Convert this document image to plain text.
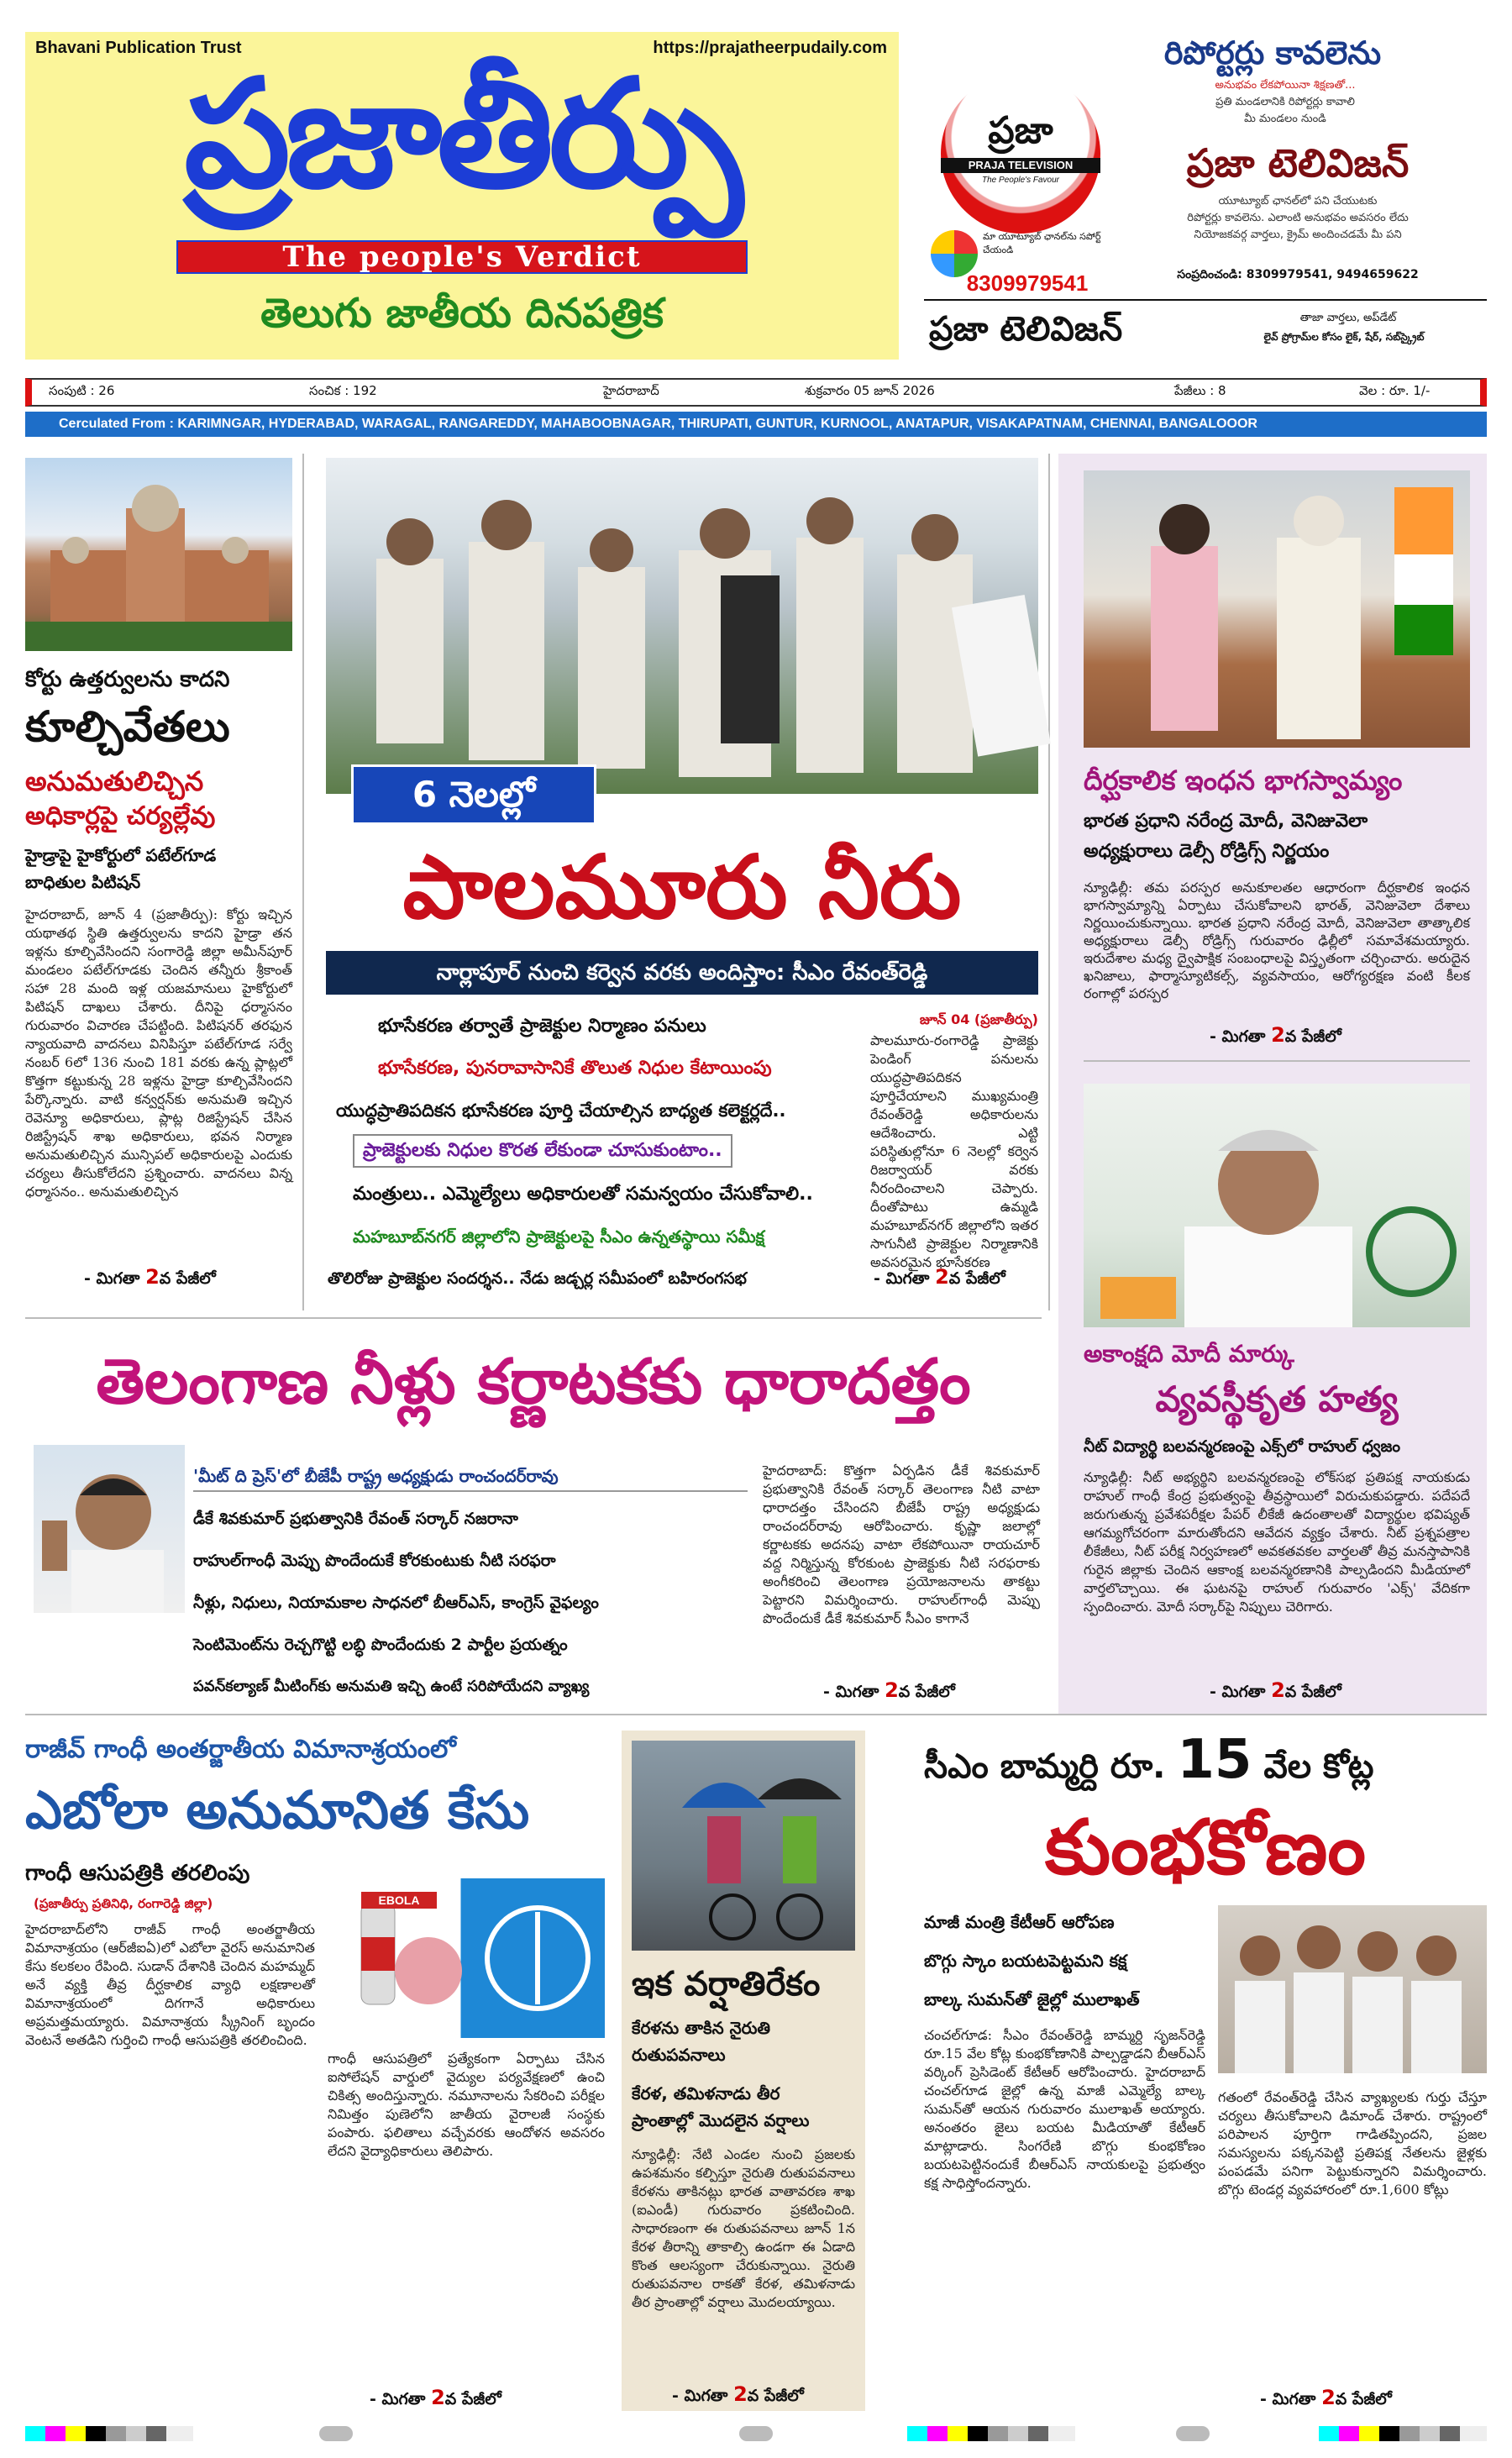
Bhavani Publication Trust	https://prajatheerpudaily.com
ప్రజాతీర్పు
The people's Verdict
తెలుగు జాతీయ దినపత్రిక
రిపోర్టర్లు కావలెను
అనుభవం లేకపోయినా శిక్షణతో...
ప్రతి మండలానికి రిపోర్టర్లు కావాలి
మీ మండలం నుండి
ప్రజా
PRAJA TELEVISION
The People's Favour	ప్రజా టెలివిజన్
యూట్యూబ్ ఛానల్‌లో పని చేయుటకు
రిపోర్టర్లు కావలెను. ఎలాంటి అనుభవం అవసరం లేదు
నియోజకవర్గ వార్తలు, క్రైమ్ అందించడమే మీ పని
మా యూట్యూబ్ ఛానల్‌ను సపోర్ట్ చేయండి
8309979541	సంప్రదించండి: 8309979541, 9494659622
ప్రజా టెలివిజన్	తాజా వార్తలు, అప్‌డేట్
లైవ్ ప్రోగ్రామ్‌ల కోసం లైక్, షేర్, సబ్‌స్క్రైబ్
సంపుటి : 26	సంచిక : 192	హైదరాబాద్	శుక్రవారం 05 జూన్ 2026	పేజీలు : 8	వెల : రూ. 1/-
Cerculated From : KARIMNGAR, HYDERABAD, WARAGAL, RANGAREDDY, MAHABOOBNAGAR, THIRUPATI, GUNTUR, KURNOOL, ANATAPUR, VISAKAPATNAM, CHENNAI, BANGALOOOR
కోర్టు ఉత్తర్వులను కాదని
కూల్చివేతలు
అనుమతులిచ్చిన
అధికార్లపై చర్యల్లేవు
హైడ్రాపై హైకోర్టులో పటేల్‌గూడ
బాధితుల పిటిషన్
హైదరాబాద్, జూన్ 4 (ప్రజాతీర్పు): కోర్టు ఇచ్చిన యథాతథ స్థితి ఉత్తర్వులను కాదని హైడ్రా తన ఇళ్లను కూల్చివేసిందని సంగారెడ్డి జిల్లా అమీన్‌పూర్ మండలం పటేల్‌గూడకు చెందిన తన్నీరు శ్రీకాంత్ సహా 28 మంది ఇళ్ల యజమానులు హైకోర్టులో పిటిషన్ దాఖలు చేశారు. దీనిపై ధర్మాసనం గురువారం విచారణ చేపట్టింది. పిటిషనర్ తరఫున న్యాయవాది వాదనలు వినిపిస్తూ పటేల్‌గూడ సర్వే నంబర్ 6లో 136 నుంచి 181 వరకు ఉన్న ప్లాట్లలో కొత్తగా కట్టుకున్న 28 ఇళ్లను హైడ్రా కూల్చివేసిందని పేర్కొన్నారు. వాటి కన్వర్షన్‌కు అనుమతి ఇచ్చిన రెవెన్యూ అధికారులు, ప్లాట్ల రిజిస్ట్రేషన్ చేసిన రిజిస్ట్రేషన్ శాఖ అధికారులు, భవన నిర్మాణ అనుమతులిచ్చిన మున్సిపల్ అధికారులపై ఎందుకు చర్యలు తీసుకోలేదని ప్రశ్నించారు. వాదనలు విన్న ధర్మాసనం.. అనుమతులిచ్చిన
- మిగతా 2వ పేజీలో
6 నెలల్లో
పాలమూరు నీరు
నార్లాపూర్ నుంచి కర్వెన వరకు అందిస్తాం: సీఎం రేవంత్‌రెడ్డి
భూసేకరణ తర్వాతే ప్రాజెక్టుల నిర్మాణం పనులు
భూసేకరణ, పునరావాసానికే తొలుత నిధుల కేటాయింపు
యుద్ధప్రాతిపదికన భూసేకరణ పూర్తి చేయాల్సిన బాధ్యత కలెక్టర్లదే..
ప్రాజెక్టులకు నిధుల కొరత లేకుండా చూసుకుంటాం..
మంత్రులు.. ఎమ్మెల్యేలు అధికారులతో సమన్వయం చేసుకోవాలి..
మహబూబ్‌నగర్ జిల్లాలోని ప్రాజెక్టులపై సీఎం ఉన్నతస్థాయి సమీక్ష
తొలిరోజు ప్రాజెక్టుల సందర్శన.. నేడు జడ్చర్ల సమీపంలో బహిరంగసభ
జూన్ 04 (ప్రజాతీర్పు)
పాలమూరు-రంగారెడ్డి ప్రాజెక్టు పెండింగ్ పనులను యుద్ధప్రాతిపదికన పూర్తిచేయాలని ముఖ్యమంత్రి రేవంత్‌రెడ్డి అధికారులను ఆదేశించారు. ఎట్టి పరిస్థితుల్లోనూ 6 నెలల్లో కర్వెన రిజర్వాయర్ వరకు నీరందించాలని చెప్పారు. దీంతోపాటు ఉమ్మడి మహబూబ్‌నగర్ జిల్లాలోని ఇతర సాగునీటి ప్రాజెక్టుల నిర్మాణానికి అవసరమైన భూసేకరణ
- మిగతా 2వ పేజీలో
దీర్ఘకాలిక ఇంధన భాగస్వామ్యం
భారత ప్రధాని నరేంద్ర మోదీ, వెనిజువెలా
అధ్యక్షురాలు డెల్సీ రోడ్రిగ్స్ నిర్ణయం
న్యూఢిల్లీ: తమ పరస్పర అనుకూలతల ఆధారంగా దీర్ఘకాలిక ఇంధన భాగస్వామ్యాన్ని ఏర్పాటు చేసుకోవాలని భారత్, వెనిజువెలా దేశాలు నిర్ణయించుకున్నాయి. భారత ప్రధాని నరేంద్ర మోదీ, వెనిజువెలా తాత్కాలిక అధ్యక్షురాలు డెల్సీ రోడ్రిగ్స్ గురువారం ఢిల్లీలో సమావేశమయ్యారు. ఇరుదేశాల మధ్య ద్వైపాక్షిక సంబంధాలపై విస్తృతంగా చర్చించారు. అరుదైన ఖనిజాలు, ఫార్మాస్యూటికల్స్, వ్యవసాయం, ఆరోగ్యరక్షణ వంటి కీలక రంగాల్లో పరస్పర
- మిగతా 2వ పేజీలో
అకాంక్షది మోదీ మార్కు
వ్యవస్థీకృత హత్య
నీట్ విద్యార్థి బలవన్మరణంపై ఎక్స్‌లో రాహుల్ ధ్వజం
న్యూఢిల్లీ: నీట్ అభ్యర్థిని బలవన్మరణంపై లోక్‌సభ ప్రతిపక్ష నాయకుడు రాహుల్ గాంధీ కేంద్ర ప్రభుత్వంపై తీవ్రస్థాయిలో విరుచుకుపడ్డారు. పదేపదే జరుగుతున్న ప్రవేశపరీక్షల పేపర్ లీకేజీ ఉదంతాలతో విద్యార్థుల భవిష్యత్ ఆగమ్యగోచరంగా మారుతోందని ఆవేదన వ్యక్తం చేశారు. నీట్ ప్రశ్నపత్రాల లీకేజీలు, నీట్ పరీక్ష నిర్వహణలో అవకతవకల వార్తలతో తీవ్ర మనస్తాపానికి గురైన జిల్లాకు చెందిన ఆకాంక్ష బలవన్మరణానికి పాల్పడిందని మీడియాలో వార్తలొచ్చాయి. ఈ ఘటనపై రాహుల్ గురువారం 'ఎక్స్' వేదికగా స్పందించారు. మోదీ సర్కార్‌పై నిప్పులు చెరిగారు.
- మిగతా 2వ పేజీలో
తెలంగాణ నీళ్లు కర్ణాటకకు ధారాదత్తం
'మీట్ ది ప్రెస్'లో బీజేపీ రాష్ట్ర అధ్యక్షుడు రాంచందర్‌రావు
డీకే శివకుమార్ ప్రభుత్వానికి రేవంత్ సర్కార్ నజరానా
రాహుల్‌గాంధీ మెప్పు పొందేందుకే కోరకుంటుకు నీటి సరఫరా
నీళ్లు, నిధులు, నియామకాల సాధనలో బీఆర్ఎస్, కాంగ్రెస్ వైఫల్యం
సెంటిమెంట్‌ను రెచ్చగొట్టి లబ్ధి పొందేందుకు 2 పార్టీల ప్రయత్నం
పవన్‌కల్యాణ్ మీటింగ్‌కు అనుమతి ఇచ్చి ఉంటే సరిపోయేదని వ్యాఖ్య
హైదరాబాద్: కొత్తగా ఏర్పడిన డీకే శివకుమార్ ప్రభుత్వానికి రేవంత్ సర్కార్ తెలంగాణ నీటి వాటా ధారాదత్తం చేసిందని బీజేపీ రాష్ట్ర అధ్యక్షుడు రాంచందర్‌రావు ఆరోపించారు. కృష్ణా జలాల్లో కర్ణాటకకు అదనపు వాటా లేకపోయినా రాయచూర్ వద్ద నిర్మిస్తున్న కోరకుంట ప్రాజెక్టుకు నీటి సరఫరాకు అంగీకరించి తెలంగాణ ప్రయోజనాలను తాకట్టు పెట్టారని విమర్శించారు. రాహుల్‌గాంధీ మెప్పు పొందేందుకే డీకే శివకుమార్ సీఎం కాగానే
- మిగతా 2వ పేజీలో
రాజీవ్ గాంధీ అంతర్జాతీయ విమానాశ్రయంలో
ఎబోలా అనుమానిత కేసు
గాంధీ ఆసుపత్రికి తరలింపు
(ప్రజాతీర్పు ప్రతినిధి, రంగారెడ్డి జిల్లా)	EBOLA
హైదరాబాద్‌లోని రాజీవ్ గాంధీ అంతర్జాతీయ విమానాశ్రయం (ఆర్‌జీఐఏ)లో ఎబోలా వైరస్ అనుమానిత కేసు కలకలం రేపింది. సుడాన్ దేశానికి చెందిన మహమ్మద్ అనే వ్యక్తి తీవ్ర దీర్ఘకాలిక వ్యాధి లక్షణాలతో విమానాశ్రయంలో దిగగానే అధికారులు అప్రమత్తమయ్యారు. విమానాశ్రయ స్క్రీనింగ్ బృందం వెంటనే అతడిని గుర్తించి గాంధీ ఆసుపత్రికి తరలించింది.
గాంధీ ఆసుపత్రిలో ప్రత్యేకంగా ఏర్పాటు చేసిన ఐసోలేషన్ వార్డులో వైద్యుల పర్యవేక్షణలో ఉంచి చికిత్స అందిస్తున్నారు. నమూనాలను సేకరించి పరీక్షల నిమిత్తం పుణెలోని జాతీయ వైరాలజీ సంస్థకు పంపారు. ఫలితాలు వచ్చేవరకు ఆందోళన అవసరం లేదని వైద్యాధికారులు తెలిపారు.
- మిగతా 2వ పేజీలో
ఇక వర్షాతిరేకం
కేరళను తాకిన నైరుతి
రుతుపవనాలు
కేరళ, తమిళనాడు తీర
ప్రాంతాల్లో మొదలైన వర్షాలు
న్యూఢిల్లీ: నేటి ఎండల నుంచి ప్రజలకు ఉపశమనం కల్పిస్తూ నైరుతి రుతుపవనాలు కేరళను తాకినట్లు భారత వాతావరణ శాఖ (ఐఎండీ) గురువారం ప్రకటించింది. సాధారణంగా ఈ రుతుపవనాలు జూన్ 1న కేరళ తీరాన్ని తాకాల్సి ఉండగా ఈ ఏడాది కొంత ఆలస్యంగా చేరుకున్నాయి. నైరుతి రుతుపవనాల రాకతో కేరళ, తమిళనాడు తీర ప్రాంతాల్లో వర్షాలు మొదలయ్యాయి.
- మిగతా 2వ పేజీలో
సీఎం బామ్మర్ది రూ. 15 వేల కోట్ల
కుంభకోణం
మాజీ మంత్రి కేటీఆర్ ఆరోపణ
బొగ్గు స్కాం బయటపెట్టమని కక్ష
బాల్క సుమన్‌తో జైల్లో ములాఖత్
చంచల్‌గూడ: సీఎం రేవంత్‌రెడ్డి బామ్మర్ది సృజన్‌రెడ్డి రూ.15 వేల కోట్ల కుంభకోణానికి పాల్పడ్డాడని బీఆర్ఎస్ వర్కింగ్ ప్రెసిడెంట్ కేటీఆర్ ఆరోపించారు. హైదరాబాద్ చంచల్‌గూడ జైల్లో ఉన్న మాజీ ఎమ్మెల్యే బాల్క సుమన్‌తో ఆయన గురువారం ములాఖత్ అయ్యారు. అనంతరం జైలు బయట మీడియాతో కేటీఆర్ మాట్లాడారు. సింగరేణి బొగ్గు కుంభకోణం బయటపెట్టినందుకే బీఆర్ఎస్ నాయకులపై ప్రభుత్వం కక్ష సాధిస్తోందన్నారు.
గతంలో రేవంత్‌రెడ్డి చేసిన వ్యాఖ్యలకు గుర్తు చేస్తూ చర్యలు తీసుకోవాలని డిమాండ్ చేశారు. రాష్ట్రంలో పరిపాలన పూర్తిగా గాడితప్పిందని, ప్రజల సమస్యలను పక్కనపెట్టి ప్రతిపక్ష నేతలను జైళ్లకు పంపడమే పనిగా పెట్టుకున్నారని విమర్శించారు. బొగ్గు టెండర్ల వ్యవహారంలో రూ.1,600 కోట్లు
- మిగతా 2వ పేజీలో
